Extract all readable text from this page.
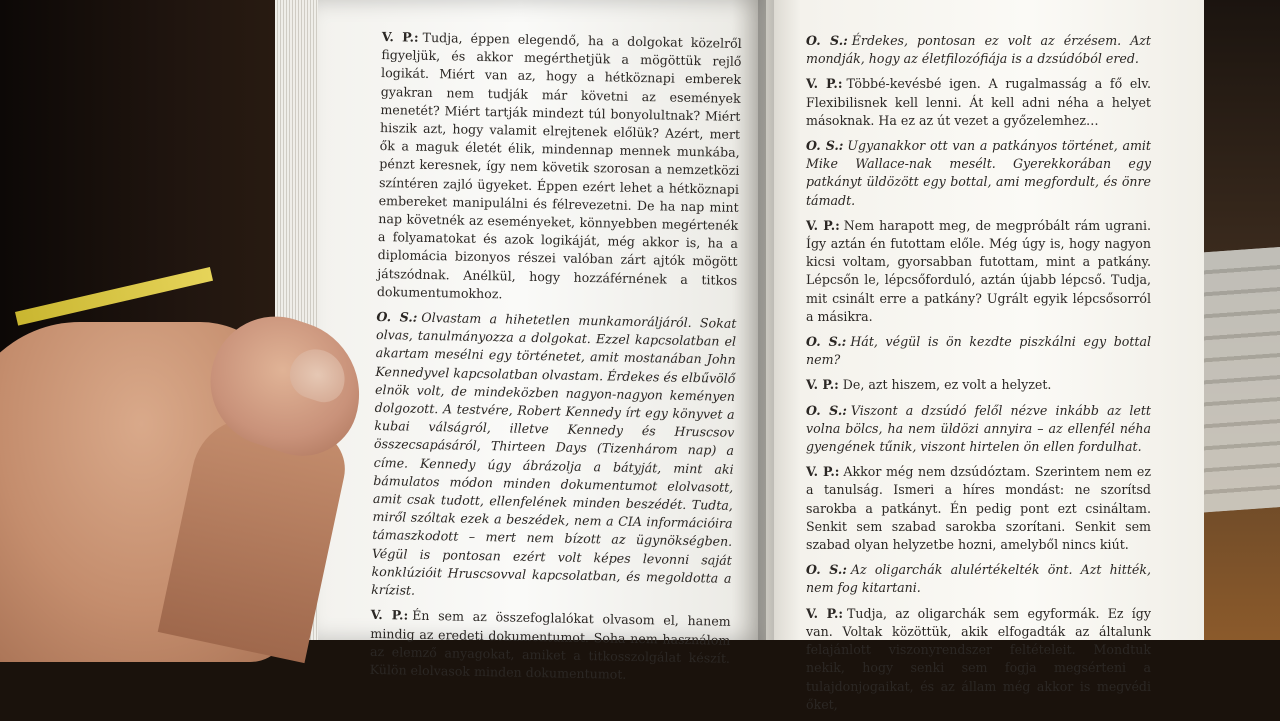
V. P.: Tudja, éppen elegendő, ha a dolgokat közelről figyeljük, és akkor megérthetjük a mögöttük rejlő logikát. Miért van az, hogy a hétköznapi emberek gyakran nem tudják már követni az események menetét? Miért tartják mindezt túl bonyolultnak? Miért hiszik azt, hogy valamit elrejtenek előlük? Azért, mert ők a maguk életét élik, mindennap mennek munkába, pénzt keresnek, így nem követik szorosan a nemzetközi színtéren zajló ügyeket. Éppen ezért lehet a hétköznapi embereket manipulálni és félrevezetni. De ha nap mint nap követnék az eseményeket, könnyebben megértenék a folyamatokat és azok logikáját, még akkor is, ha a diplomácia bizonyos részei valóban zárt ajtók mögött játszódnak. Anélkül, hogy hozzáférnének a titkos dokumentumokhoz.

O. S.: Olvastam a hihetetlen munkamoráljáról. Sokat olvas, tanulmányozza a dolgokat. Ezzel kapcsolatban el akartam mesélni egy történetet, amit mostanában John Kennedyvel kapcsolatban olvastam. Érdekes és elbűvölő elnök volt, de mindeközben nagyon-nagyon keményen dolgozott. A testvére, Robert Kennedy írt egy könyvet a kubai válságról, illetve Kennedy és Hruscsov összecsapásáról, Thirteen Days (Tizenhárom nap) a címe. Kennedy úgy ábrázolja a bátyját, mint aki bámulatos módon minden dokumentumot elolvasott, amit csak tudott, ellenfelének minden beszédét. Tudta, miről szóltak ezek a beszédek, nem a CIA információira támaszkodott – mert nem bízott az ügynökségben. Végül is pontosan ezért volt képes levonni saját konklúzióit Hruscsovval kapcsolatban, és megoldotta a krízist.

V. P.: Én sem az összefoglalókat olvasom el, hanem mindig az eredeti dokumentumot. Soha nem használom az elemző anyagokat, amiket a titkosszolgálat készít. Külön elolvasok minden dokumentumot.

O. S.: Érdekes, pontosan ez volt az érzésem. Azt mondják, hogy az életfilozófiája is a dzsúdóból ered.

V. P.: Többé-kevésbé igen. A rugalmasság a fő elv. Flexibilisnek kell lenni. Át kell adni néha a helyet másoknak. Ha ez az út vezet a győzelemhez…

O. S.: Ugyanakkor ott van a patkányos történet, amit Mike Wallace-nak mesélt. Gyerekkorában egy patkányt üldözött egy bottal, ami megfordult, és önre támadt.

V. P.: Nem harapott meg, de megpróbált rám ugrani. Így aztán én futottam előle. Még úgy is, hogy nagyon kicsi voltam, gyorsabban futottam, mint a patkány. Lépcsőn le, lépcsőforduló, aztán újabb lépcső. Tudja, mit csinált erre a patkány? Ugrált egyik lépcsősorról a másikra.

O. S.: Hát, végül is ön kezdte piszkálni egy bottal nem?

V. P.: De, azt hiszem, ez volt a helyzet.

O. S.: Viszont a dzsúdó felől nézve inkább az lett volna bölcs, ha nem üldözi annyira – az ellenfél néha gyengének tűnik, viszont hirtelen ön ellen fordulhat.

V. P.: Akkor még nem dzsúdóztam. Szerintem nem ez a tanulság. Ismeri a híres mondást: ne szorítsd sarokba a patkányt. Én pedig pont ezt csináltam. Senkit sem szabad sarokba szorítani. Senkit sem szabad olyan helyzetbe hozni, amelyből nincs kiút.

O. S.: Az oligarchák alulértékelték önt. Azt hitték, nem fog kitartani.

V. P.: Tudja, az oligarchák sem egyformák. Ez így van. Voltak közöttük, akik elfogadták az általunk felajánlott viszonyrendszer feltételeit. Mondtuk nekik, hogy senki sem fogja megsérteni a tulajdonjogaikat, és az állam még akkor is megvédi őket,
